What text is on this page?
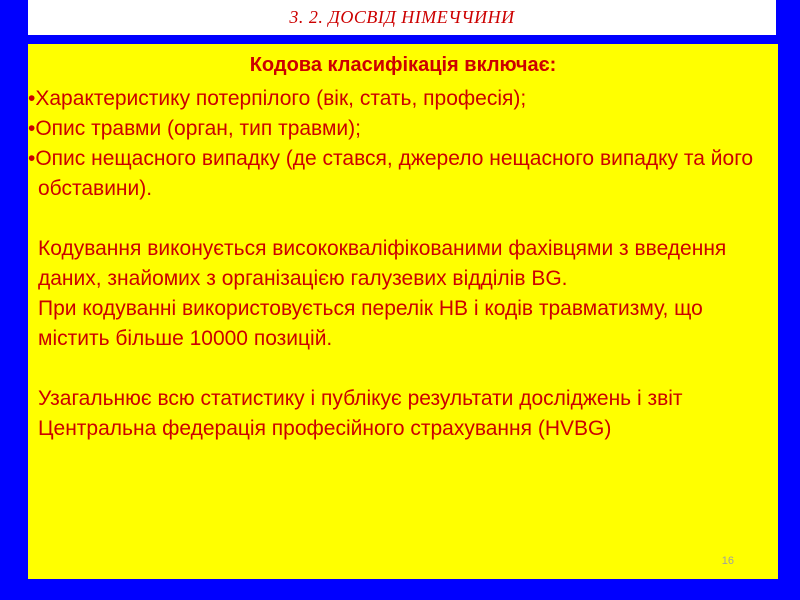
3. 2. ДОСВІД НІМЕЧЧИНИ
Кодова класифікація включає:

•Характеристику потерпілого (вік, стать, професія);

•Опис травми (орган, тип травми);

•Опис нещасного випадку (де стався, джерело нещасного випадку та його обставини).

Кодування виконується висококваліфікованими фахівцями з введення даних, знайомих з організацією галузевих відділів BG.

При кодуванні використовується перелік НВ і кодів травматизму, що містить більше 10000 позицій.

Узагальнює всю статистику і публікує результати досліджень і звіт Центральна федерація професійного страхування (HVBG)

16
